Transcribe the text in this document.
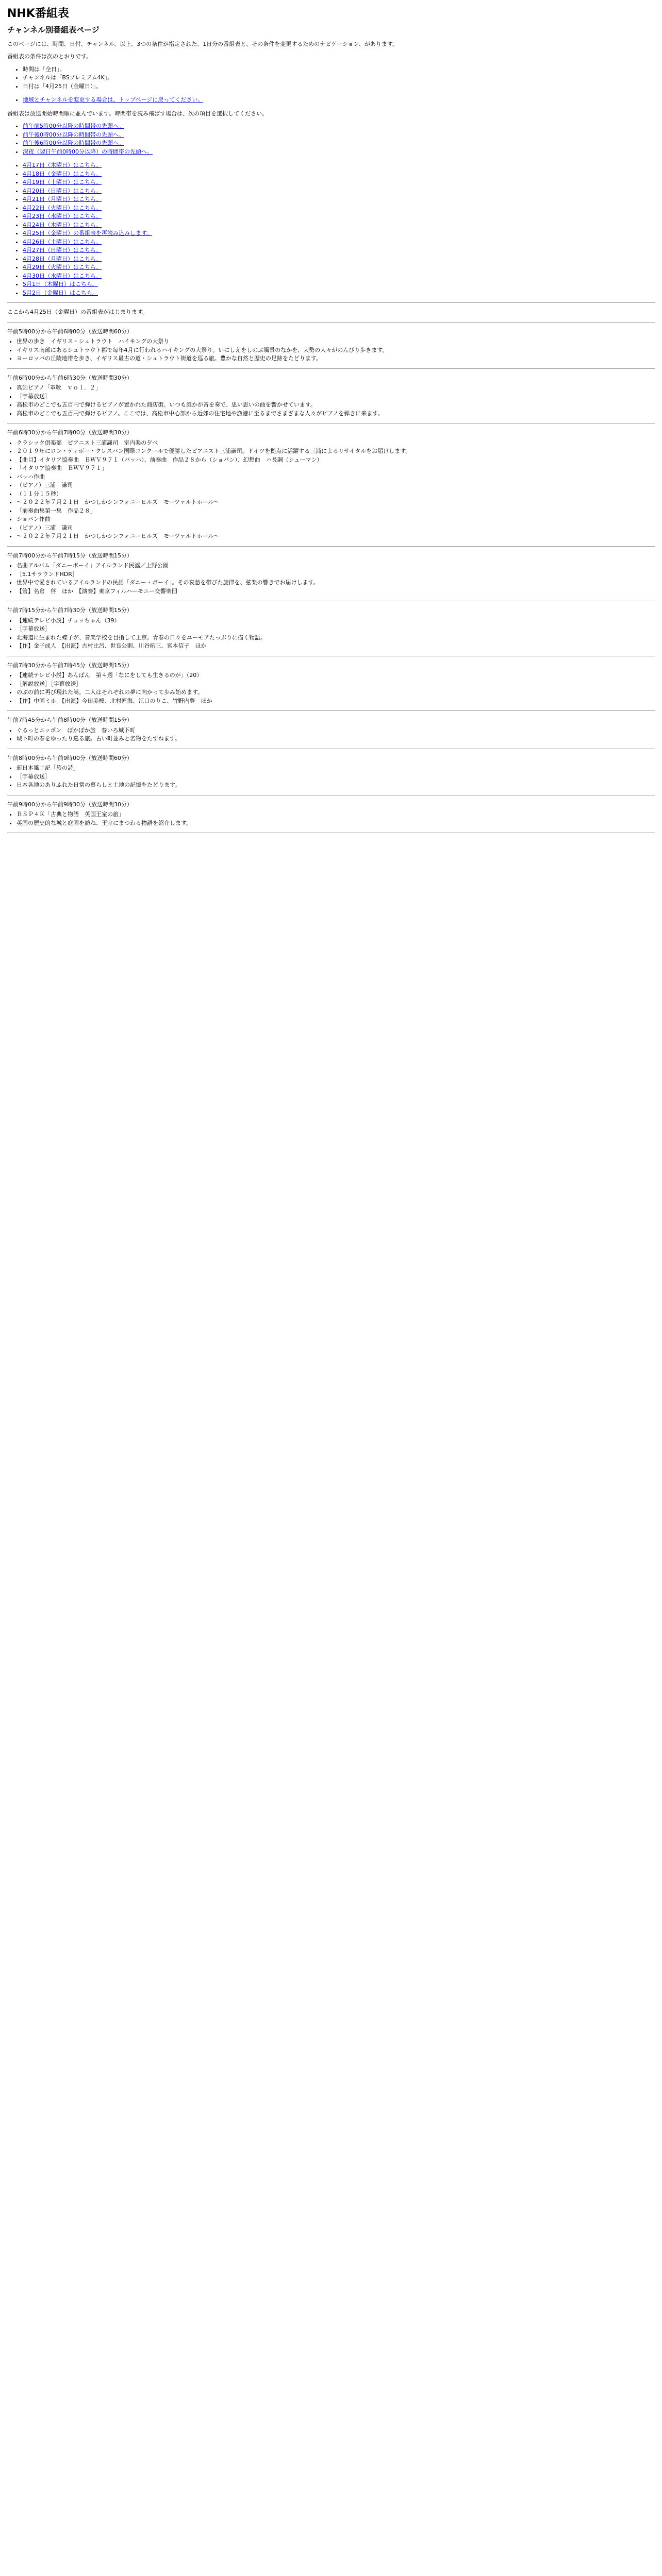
NHK番組表
チャンネル別番組表ページ

このページには、時間、日付、チャンネル、以上、3つの条件が指定された、1日分の番組表と、その条件を変更するためのナビゲーション、があります。

番組表の条件は次のとおりです。

• 時間は「全日」。
• チャンネルは「BSプレミアム4K」。
• 日付は「4月25日（金曜日）」。
• 地域とチャンネルを変更する場合は、トップページに戻ってください。

番組表は放送開始時間順に並んでいます。時間帯を読み飛ばす場合は、次の項目を選択してください。

• 前午前5時00分以降の時間帯の先頭へ。
• 前午後0時00分以降の時間帯の先頭へ。
• 前午後6時00分以降の時間帯の先頭へ。
• 深夜（翌日午前0時00分以降）の時間帯の先頭へ。
• 4月17日（木曜日）はこちら。
• 4月18日（金曜日）はこちら。
• 4月19日（土曜日）はこちら。
• 4月20日（日曜日）はこちら。
• 4月21日（月曜日）はこちら。
• 4月22日（火曜日）はこちら。
• 4月23日（水曜日）はこちら。
• 4月24日（木曜日）はこちら。
• 4月25日（金曜日）の番組表を再読み込みします。
• 4月26日（土曜日）はこちら。
• 4月27日（日曜日）はこちら。
• 4月28日（月曜日）はこちら。
• 4月29日（火曜日）はこちら。
• 4月30日（水曜日）はこちら。
• 5月1日（木曜日）はこちら。
• 5月2日（金曜日）はこちら。

ここから4月25日（金曜日）の番組表がはじまります。

午前5時00分から午前6時00分（放送時間60分）
• 世界の歩き　イギリス・シュトラウト　ハイキングの大祭り
• イギリス南部にあるシュトラウト郡で毎年4月に行われるハイキングの大祭り。いにしえをしのぶ風景のなかを、大勢の人々がのんびり歩きます。
• ヨーロッパの丘陵地帯を歩き、イギリス最古の道・シュトラウト街道を巡る旅。豊かな自然と歴史の足跡をたどります。
午前6時00分から午前6時30分（放送時間30分）
• 真剣ピアノ「革靴　ｖｏｌ．２」
• ［字幕放送］
• 高松市のどこでも五百円で弾けるピアノが置かれた商店街。いつも誰かが音を奏で、思い思いの曲を響かせています。
• 高松市のどこでも五百円で弾けるピアノ。ここでは、高松市中心部から近郊の住宅地や漁港に至るまでさまざまな人々がピアノを弾きに来ます。
午前6時30分から午前7時00分（放送時間30分）
• クラシック倶楽部　ピアニスト三浦謙司　室内楽の夕べ
• ２０１９年にロン・ティボー・クレスパン国際コンクールで優勝したピアニスト三浦謙司。ドイツを拠点に活躍する三浦によるリサイタルをお届けします。
• 【曲目】イタリア協奏曲　ＢＷＶ９７１（バッハ）、前奏曲　作品２８から（ショパン）、幻想曲　ハ長調（シューマン）
• 「イタリア協奏曲　ＢＷＶ９７１」
• バッハ作曲
• （ピアノ）三浦　謙司
• （１１分１５秒）
• ～２０２２年７月２１日　かつしかシンフォニーヒルズ　モーツァルトホール～
• 「前奏曲集第一集　作品２８」
• ショパン作曲
• （ピアノ）三浦　謙司
• ～２０２２年７月２１日　かつしかシンフォニーヒルズ　モーツァルトホール～
午前7時00分から午前7時15分（放送時間15分）
• 名曲アルバム「ダニーボーイ」アイルランド民謡／上野公園
• ［5.1サラウンドHDR］
• 世界中で愛されているアイルランドの民謡「ダニー・ボーイ」。その哀愁を帯びた旋律を、弦楽の響きでお届けします。
• 【管】名倉　啓　ほか　【演奏】東京フィルハーモニー交響楽団
午前7時15分から午前7時30分（放送時間15分）
• 【連続テレビ小説】チョッちゃん（39）
• ［字幕放送］
• 北海道に生まれた蝶子が、音楽学校を目指して上京。青春の日々をユーモアたっぷりに描く物語。
• 【作】金子成人　【出演】古村比呂、世良公則、川谷拓三、宮本信子　ほか
午前7時30分から午前7時45分（放送時間15分）
• 【連続テレビ小説】あんぱん　第４週「なにをしても生きるのが」（20）
• ［解説放送］［字幕放送］
• のぶの前に再び現れた嵩。二人はそれぞれの夢に向かって歩み始めます。
• 【作】中園ミホ　【出演】今田美桜、北村匠海、江口のりこ、竹野内豊　ほか
午前7時45分から午前8時00分（放送時間15分）
• ぐるっとニッポン　ぽかぽか旅　春いろ城下町
• 城下町の春をゆったり巡る旅。古い町並みと名物をたずねます。
午前8時00分から午前9時00分（放送時間60分）
• 新日本風土記「旅の詩」
• ［字幕放送］
• 日本各地のありふれた日常の暮らしと土地の記憶をたどります。
午前9時00分から午前9時30分（放送時間30分）
• ＢＳＰ４Ｋ「古典と物語　英国王室の旅」
• 英国の歴史的な城と庭園を訪ね、王室にまつわる物語を紹介します。
